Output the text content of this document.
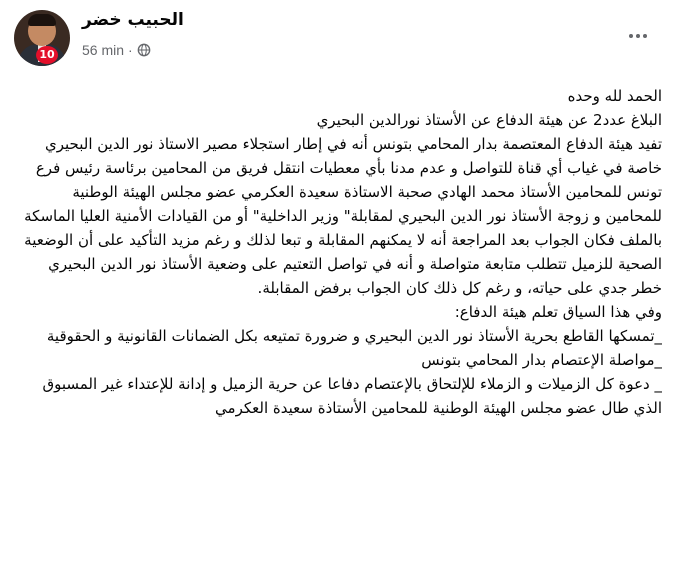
10
الحبيب خضر
56 min ·

الحمد لله وحده

البلاغ عدد2 عن هيئة الدفاع عن الأستاذ نورالدين البحيري

تفيد هيئة الدفاع المعتصمة بدار المحامي بتونس أنه في إطار استجلاء مصير الاستاذ نور الدين البحيري خاصة في غياب أي قناة للتواصل و عدم مدنا بأي معطيات انتقل فريق من المحامين برئاسة رئيس فرع تونس للمحامين الأستاذ محمد الهادي صحبة الاستاذة سعيدة العكرمي عضو مجلس الهيئة الوطنية للمحامين و زوجة الأستاذ نور الدين البحيري لمقابلة" وزير الداخلية" أو من القيادات الأمنية العليا الماسكة بالملف فكان الجواب بعد المراجعة أنه لا يمكنهم المقابلة و تبعا لذلك و رغم مزيد التأكيد على أن الوضعية الصحية للزميل تتطلب متابعة متواصلة و أنه في تواصل التعتيم على وضعية الأستاذ نور الدين البحيري خطر جدي على حياته، و رغم كل ذلك كان الجواب برفض المقابلة.

وفي هذا السياق تعلم هيئة الدفاع:

_تمسكها القاطع بحرية الأستاذ نور الدين البحيري و ضرورة تمتيعه بكل الضمانات القانونية و الحقوقية

_مواصلة الإعتصام بدار المحامي بتونس

_ دعوة كل الزميلات و الزملاء للإلتحاق بالإعتصام دفاعا عن حرية الزميل و إدانة للإعتداء غير المسبوق الذي طال عضو مجلس الهيئة الوطنية للمحامين الأستاذة سعيدة العكرمي
